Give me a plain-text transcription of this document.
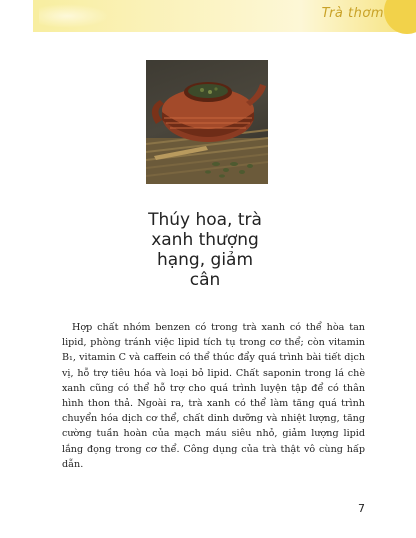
Trà thơm
Thúy hoa, trà
xanh thượng
hạng, giảm
cân

Hợp chất nhóm benzen có trong trà xanh có thể hòa tan lipid, phòng tránh việc lipid tích tụ trong cơ thể; còn vitamin B₁, vitamin C và caffein có thể thúc đẩy quá trình bài tiết dịch vị, hỗ trợ tiêu hóa và loại bỏ lipid. Chất saponin trong lá chè xanh cũng có thể hỗ trợ cho quá trình luyện tập để có thân hình thon thả. Ngoài ra, trà xanh có thể làm tăng quá trình chuyển hóa dịch cơ thể, chất dinh dưỡng và nhiệt lượng, tăng cường tuần hoàn của mạch máu siêu nhỏ, giảm lượng lipid lắng đọng trong cơ thể. Công dụng của trà thật vô cùng hấp dẫn.

7
